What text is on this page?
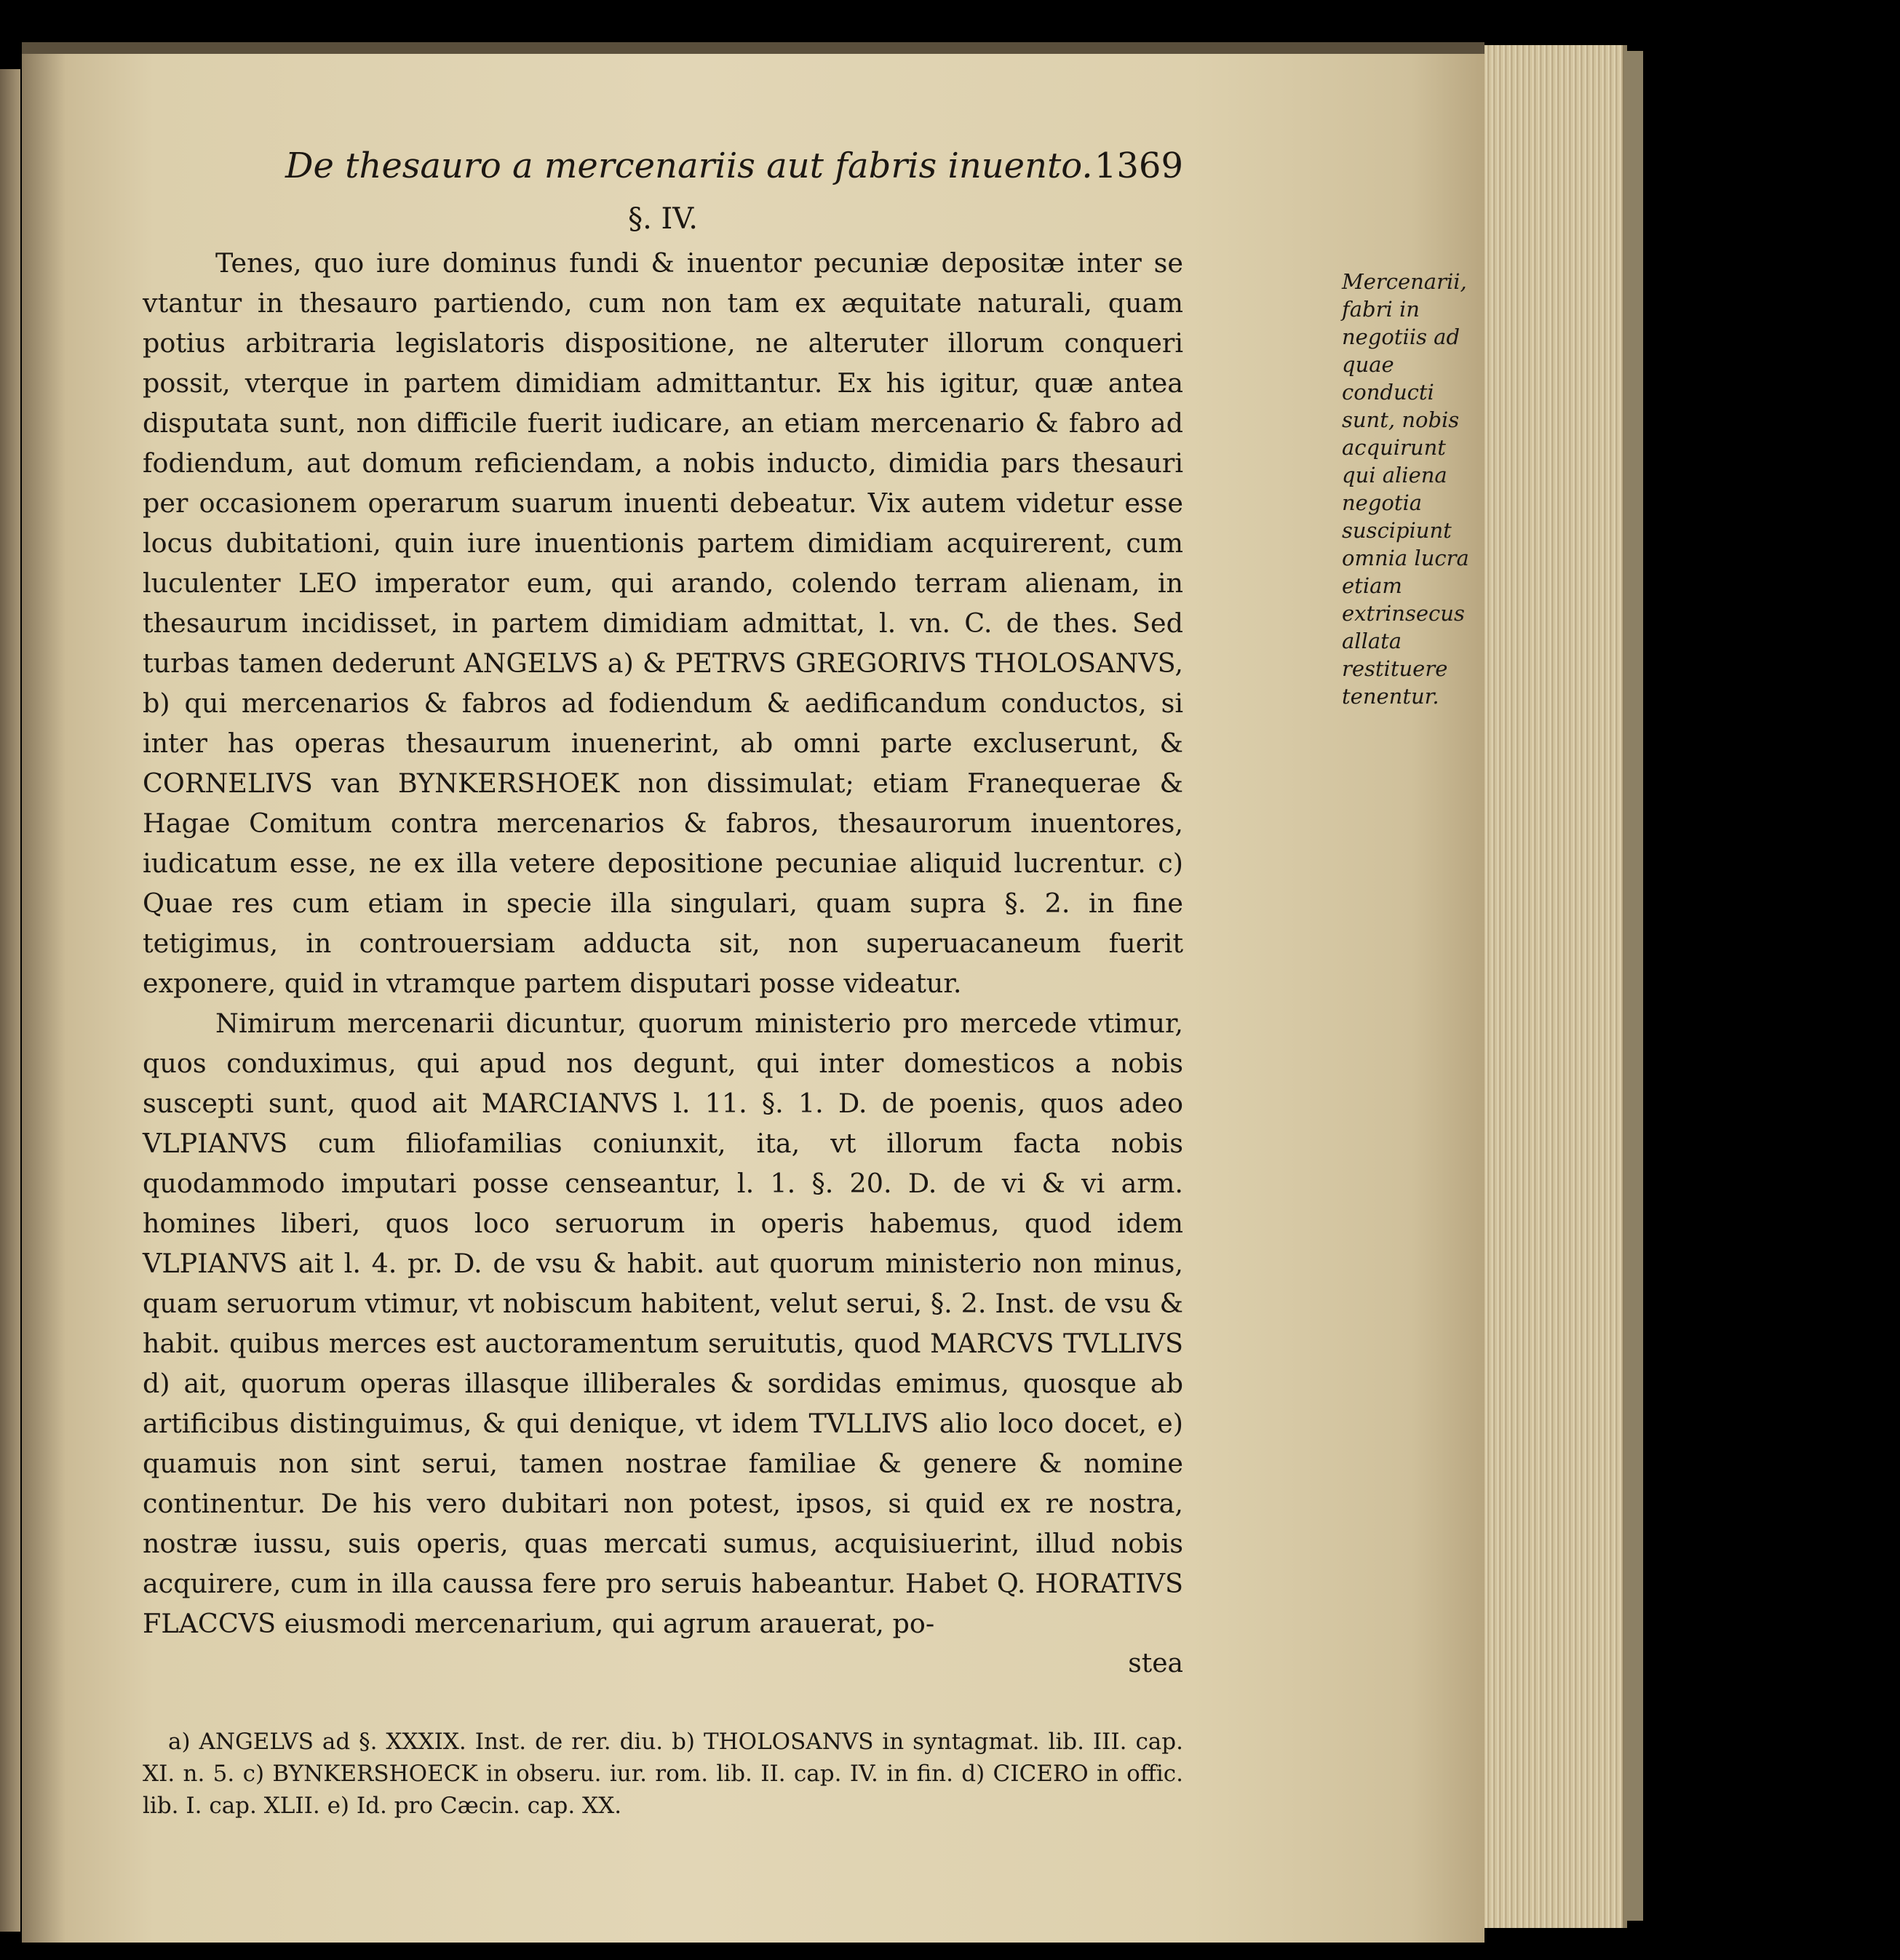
De thesauro a mercenariis aut fabris inuento. 1369
§. IV.

Tenes, quo iure dominus fundi & inuentor pecuniæ depositæ inter se vtantur in thesauro partiendo, cum non tam ex æquitate naturali, quam potius arbitraria legislatoris dispositione, ne alteruter illorum conqueri possit, vterque in partem dimidiam admittantur. Ex his igitur, quæ antea disputata sunt, non difficile fuerit iudicare, an etiam mercenario & fabro ad fodiendum, aut domum reficiendam, a nobis inducto, dimidia pars thesauri per occasionem operarum suarum inuenti debeatur. Vix autem videtur esse locus dubitationi, quin iure inuentionis partem dimidiam acquirerent, cum luculenter LEO imperator eum, qui arando, colendo terram alienam, in thesaurum incidisset, in partem dimidiam admittat, l. vn. C. de thes. Sed turbas tamen dederunt ANGELVS a) & PETRVS GREGORIVS THOLOSANVS, b) qui mercenarios & fabros ad fodiendum & aedificandum conductos, si inter has operas thesaurum inuenerint, ab omni parte excluserunt, & CORNELIVS van BYNKERSHOEK non dissimulat; etiam Franequerae & Hagae Comitum contra mercenarios & fabros, thesaurorum inuentores, iudicatum esse, ne ex illa vetere depositione pecuniae aliquid lucrentur. c) Quae res cum etiam in specie illa singulari, quam supra §. 2. in fine tetigimus, in controuersiam adducta sit, non superuacaneum fuerit exponere, quid in vtramque partem disputari posse videatur.

Nimirum mercenarii dicuntur, quorum ministerio pro mercede vtimur, quos conduximus, qui apud nos degunt, qui inter domesticos a nobis suscepti sunt, quod ait MARCIANVS l. 11. §. 1. D. de poenis, quos adeo VLPIANVS cum filiofamilias coniunxit, ita, vt illorum facta nobis quodammodo imputari posse censeantur, l. 1. §. 20. D. de vi & vi arm. homines liberi, quos loco seruorum in operis habemus, quod idem VLPIANVS ait l. 4. pr. D. de vsu & habit. aut quorum ministerio non minus, quam seruorum vtimur, vt nobiscum habitent, velut serui, §. 2. Inst. de vsu & habit. quibus merces est auctoramentum seruitutis, quod MARCVS TVLLIVS d) ait, quorum operas illasque illiberales & sordidas emimus, quosque ab artificibus distinguimus, & qui denique, vt idem TVLLIVS alio loco docet, e) quamuis non sint serui, tamen nostrae familiae & genere & nomine continentur. De his vero dubitari non potest, ipsos, si quid ex re nostra, nostræ iussu, suis operis, quas mercati sumus, acquisiuerint, illud nobis acquirere, cum in illa caussa fere pro seruis habeantur. Habet Q. HORATIVS FLACCVS eiusmodi mercenarium, qui agrum arauerat, po-

stea

a) ANGELVS ad §. XXXIX. Inst. de rer. diu. b) THOLOSANVS in syntagmat. lib. III. cap. XI. n. 5. c) BYNKERSHOECK in obseru. iur. rom. lib. II. cap. IV. in fin. d) CICERO in offic. lib. I. cap. XLII. e) Id. pro Cæcin. cap. XX.

Mercenarii, fabri in negotiis ad quae conducti sunt, nobis acquirunt qui aliena negotia suscipiunt omnia lucra etiam extrinsecus allata restituere tenentur.
